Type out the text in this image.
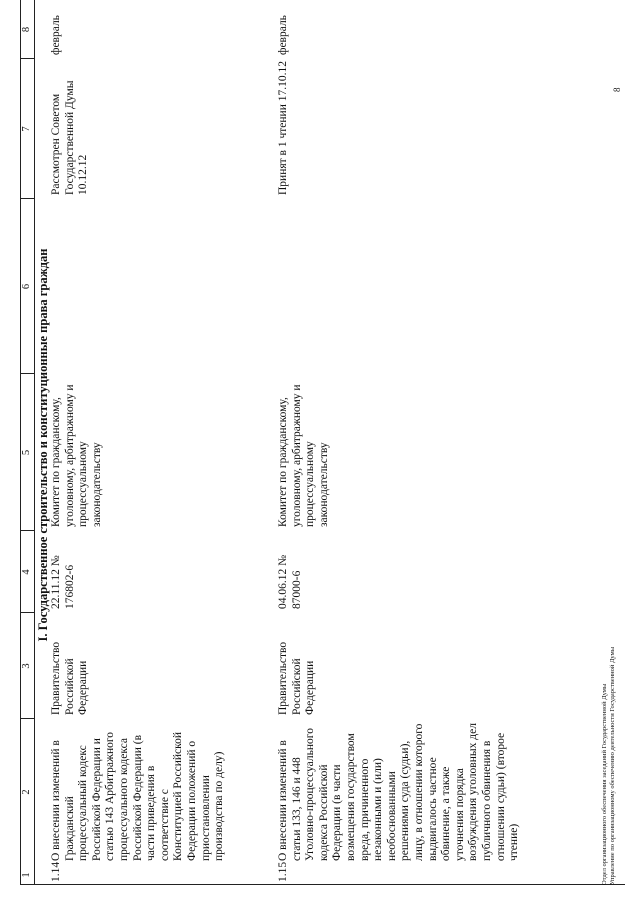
1
2
3
4
5
6
7
8
I. Государственное строительство и конституционные права граждан
1.14
О внесении изменений в Гражданский процессуальный кодекс Российской Федерации и статью 143 Арбитражного процессуального кодекса Российской Федерации (в части приведения в соответствие с Конституцией Российской Федерации положений о приостановлении производства по делу)
Правительство Российской Федерации
22.11.12 № 176802-6
Комитет по гражданскому, уголовному, арбитражному и процессуальному законодательству
Рассмотрен Советом Государственной Думы 10.12.12
февраль
1.15
О внесении изменений в статьи 133, 146 и 448 Уголовно-процессуального кодекса Российской Федерации (в части возмещения государством вреда, причиненного незаконными и (или) необоснованными решениями суда (судьи), лицу, в отношении которого выдвигалось частное обвинение, а также уточнения порядка возбуждения уголовных дел публичного обвинения в отношении судьи) (второе чтение)
Правительство Российской Федерации
04.06.12 № 87000-6
Комитет по гражданскому, уголовному, арбитражному и процессуальному законодательству
Принят в 1 чтении 17.10.12
февраль
Отдел организационного обеспечения заседаний Государственной Думы Управление по организационному обеспечению деятельности Государственной Думы
8
